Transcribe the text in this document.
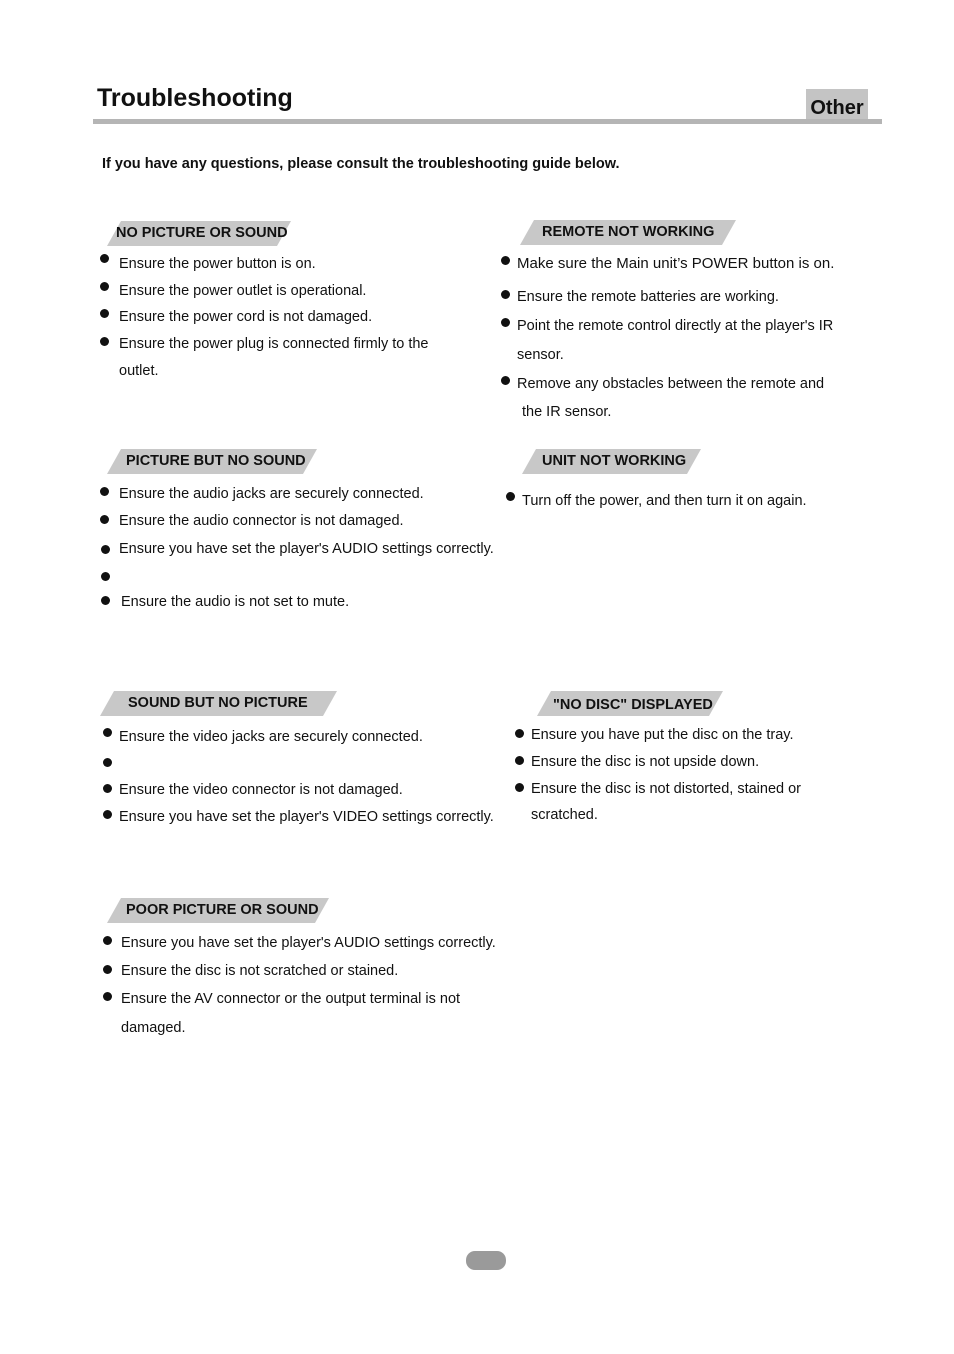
Troubleshooting	Other
If you have any questions, please consult the troubleshooting guide below.
NO PICTURE OR SOUND
Ensure the power button is on.
Ensure the power outlet is operational.
Ensure the power cord is not damaged.
Ensure the power plug is connected firmly to the
outlet.
REMOTE NOT WORKING
Make sure the Main unit’s POWER button is on.
Ensure the remote batteries are working.
Point the remote control directly at the player's IR
sensor.
Remove any obstacles between the remote and
the IR sensor.
PICTURE BUT NO SOUND
Ensure the audio jacks are securely connected.
Ensure the audio connector is not damaged.
Ensure you have set the player's AUDIO settings correctly.
Ensure the audio is not set to mute.
UNIT NOT WORKING
Turn off the power, and then turn it on again.
SOUND BUT NO PICTURE
Ensure the video jacks are securely connected.
Ensure the video connector is not damaged.
Ensure you have set the player's VIDEO settings correctly.
"NO DISC" DISPLAYED
Ensure you have put the disc on the tray.
Ensure the disc is not upside down.
Ensure the disc is not distorted, stained or
scratched.
POOR PICTURE OR SOUND
Ensure you have set the player's AUDIO settings correctly.
Ensure the disc is not scratched or stained.
Ensure the AV connector or the output terminal is not
damaged.
